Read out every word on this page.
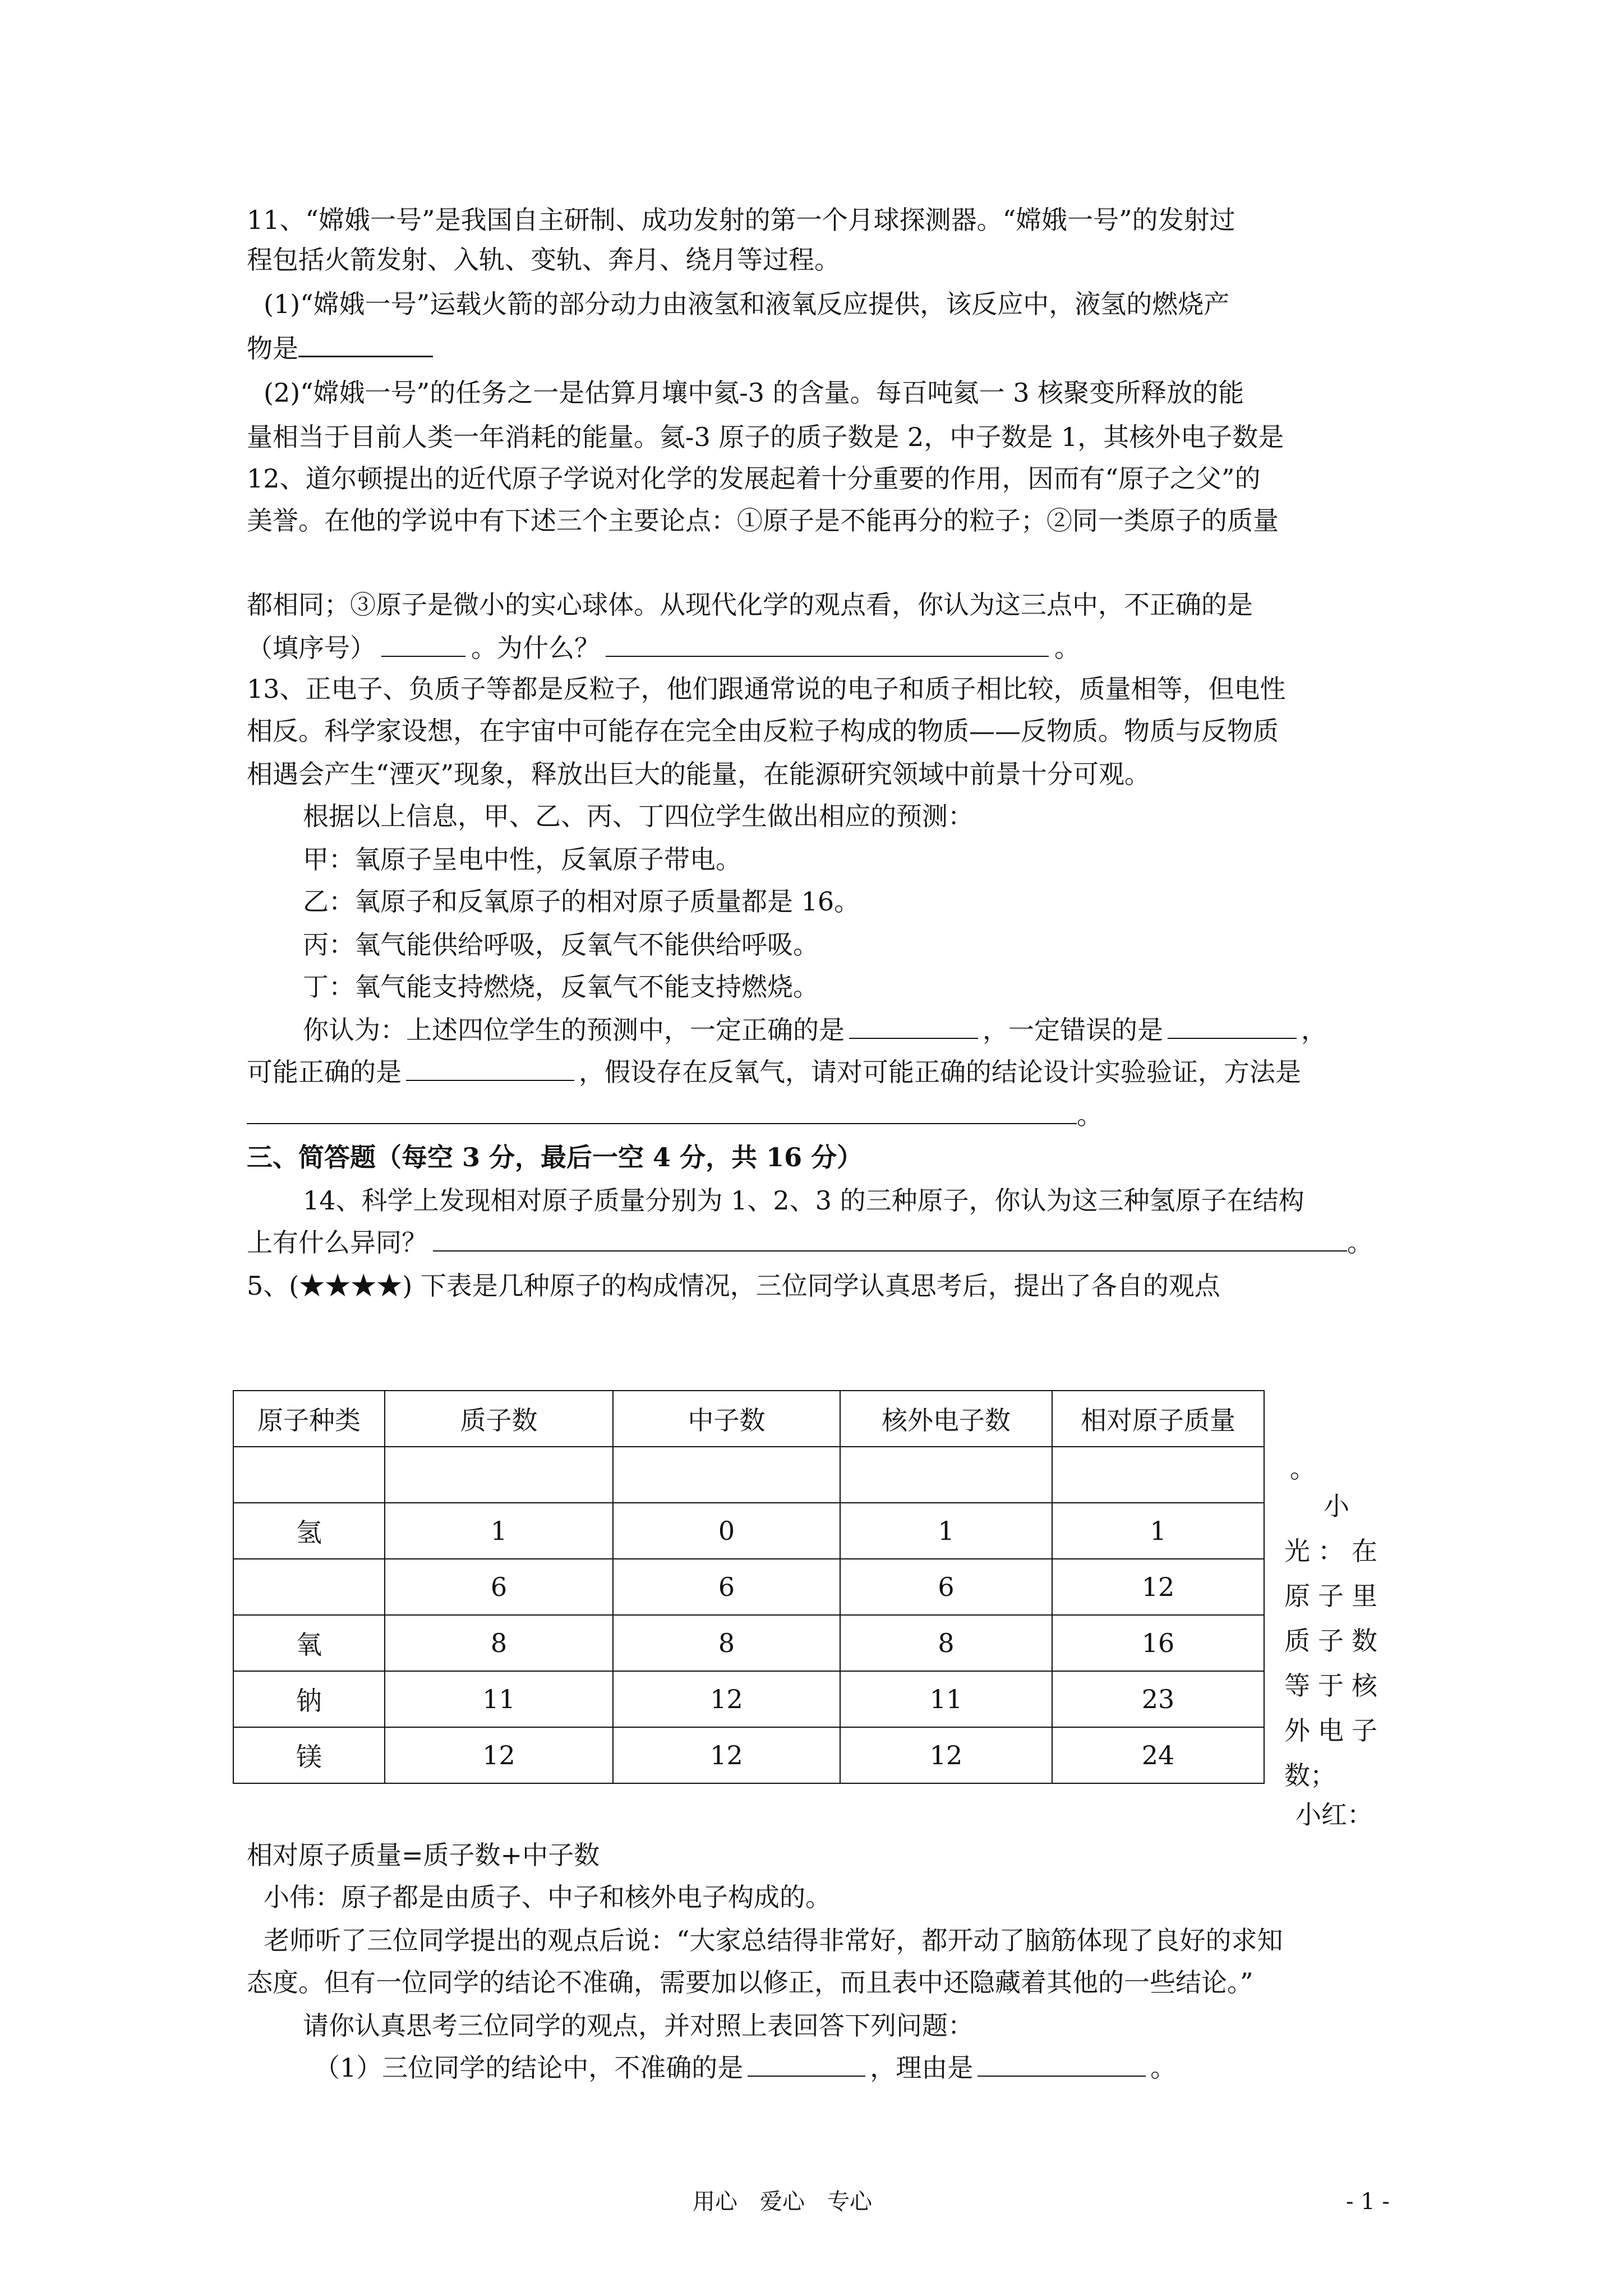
11、“嫦娥一号”是我国自主研制、成功发射的第一个月球探测器。“嫦娥一号”的发射过
程包括火箭发射、入轨、变轨、奔月、绕月等过程。
(1)“嫦娥一号”运载火箭的部分动力由液氢和液氧反应提供，该反应中，液氢的燃烧产
物是
(2)“嫦娥一号”的任务之一是估算月壤中氦-3 的含量。每百吨氦一 3 核聚变所释放的能
量相当于目前人类一年消耗的能量。氦-3 原子的质子数是 2，中子数是 1，其核外电子数是
12、道尔顿提出的近代原子学说对化学的发展起着十分重要的作用，因而有“原子之父”的
美誉。在他的学说中有下述三个主要论点：①原子是不能再分的粒子；②同一类原子的质量
都相同；③原子是微小的实心球体。从现代化学的观点看，你认为这三点中，不正确的是
（填序号）	。为什么？	。
13、正电子、负质子等都是反粒子，他们跟通常说的电子和质子相比较，质量相等，但电性
相反。科学家设想，在宇宙中可能存在完全由反粒子构成的物质——反物质。物质与反物质
相遇会产生“湮灭”现象，释放出巨大的能量，在能源研究领域中前景十分可观。
根据以上信息，甲、乙、丙、丁四位学生做出相应的预测：
甲：氧原子呈电中性，反氧原子带电。
乙：氧原子和反氧原子的相对原子质量都是 16。
丙：氧气能供给呼吸，反氧气不能供给呼吸。
丁：氧气能支持燃烧，反氧气不能支持燃烧。
你认为：上述四位学生的预测中，一定正确的是	，一定错误的是	，
可能正确的是	，假设存在反氧气，请对可能正确的结论设计实验验证，方法是
。
三、简答题（每空 3 分，最后一空 4 分，共 16 分）
14、科学上发现相对原子质量分别为 1、2、3 的三种原子，你认为这三种氢原子在结构
上有什么异同？	。
5、(★★★★) 下表是几种原子的构成情况，三位同学认真思考后，提出了各自的观点
原子种类	质子数	中子数	核外电子数	相对原子质量

氢	1	0	1	1
	6	6	6	12
氧	8	8	8	16
钠	11	12	11	23
镁	12	12	12	24
。
小
光：在
原子里
质子数
等于核
外电子
数；
小红：
相对原子质量=质子数+中子数
小伟：原子都是由质子、中子和核外电子构成的。
老师听了三位同学提出的观点后说：“大家总结得非常好，都开动了脑筋体现了良好的求知
态度。但有一位同学的结论不准确，需要加以修正，而且表中还隐藏着其他的一些结论。”
请你认真思考三位同学的观点，并对照上表回答下列问题：
（1）三位同学的结论中，不准确的是	，理由是	。
用心　爱心　专心	- 1 -
